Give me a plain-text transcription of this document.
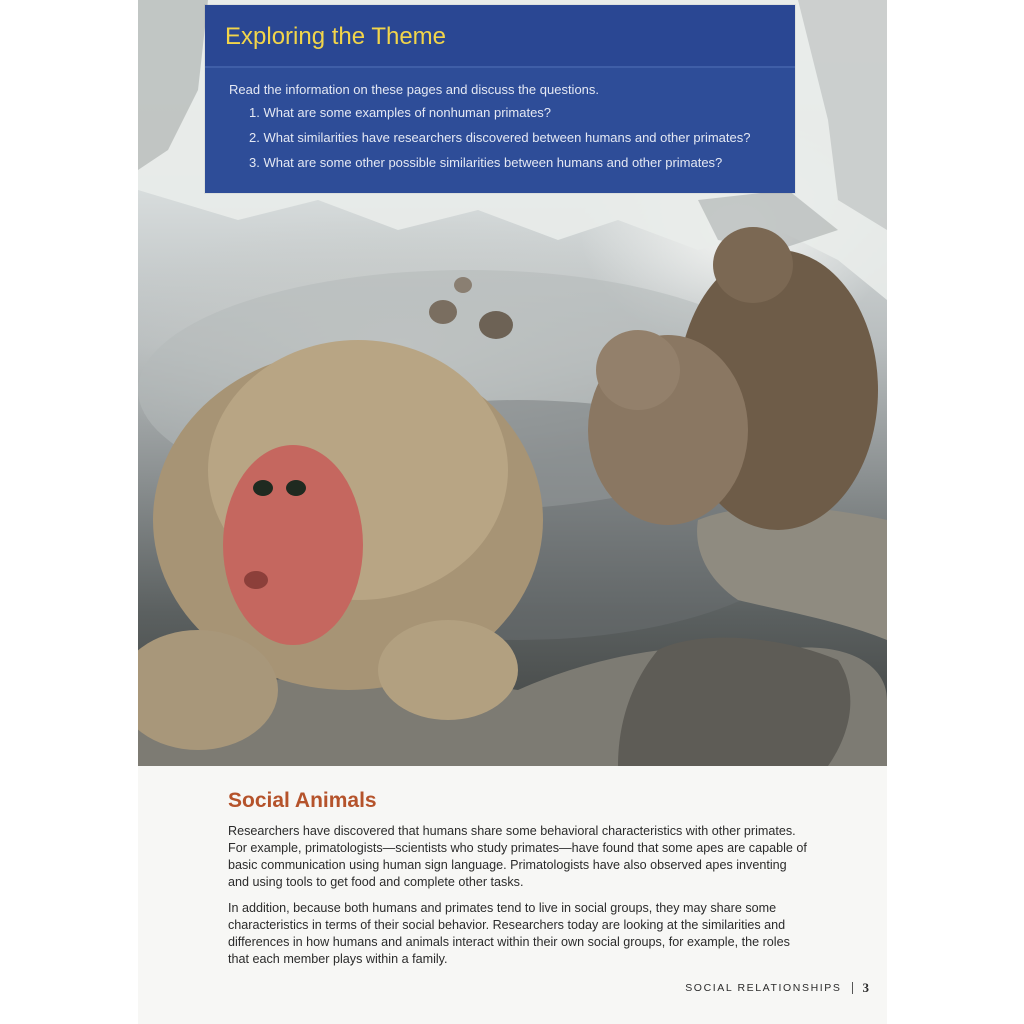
Exploring the Theme

Read the information on these pages and discuss the questions.

1. What are some examples of nonhuman primates?
2. What similarities have researchers discovered between humans and other primates?
3. What are some other possible similarities between humans and other primates?
Social Animals

Researchers have discovered that humans share some behavioral characteristics with other primates. For example, primatologists—scientists who study primates—have found that some apes are capable of basic communication using human sign language. Primatologists have also observed apes inventing and using tools to get food and complete other tasks.

In addition, because both humans and primates tend to live in social groups, they may share some characteristics in terms of their social behavior. Researchers today are looking at the similarities and differences in how humans and animals interact within their own social groups, for example, the roles that each member plays within a family.

SOCIAL RELATIONSHIPS 3
